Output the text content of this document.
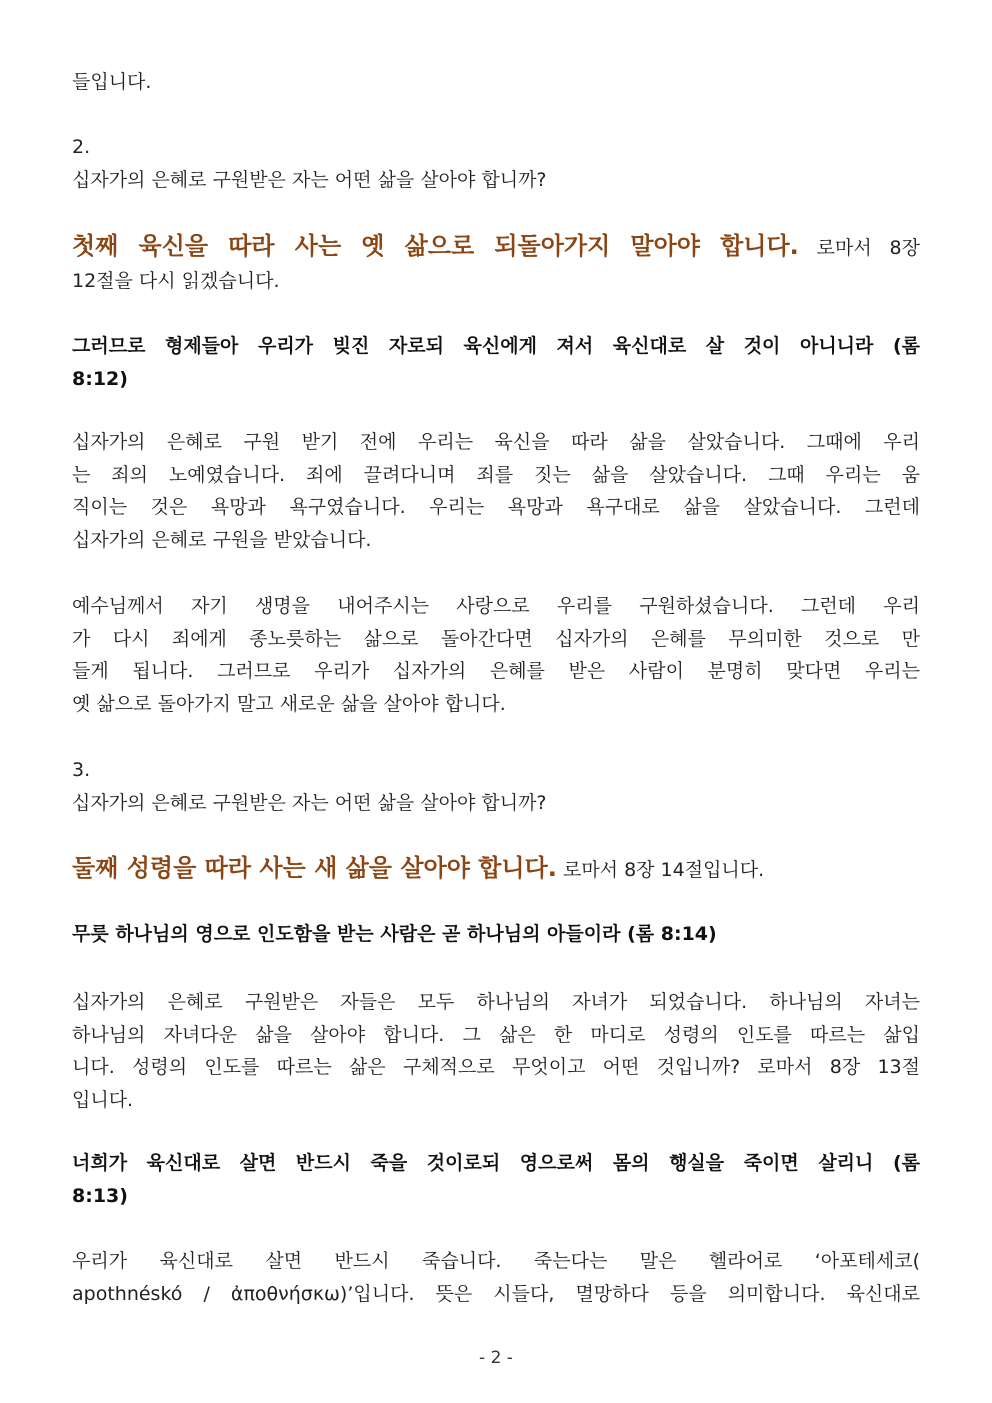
들입니다.

2.
십자가의 은혜로 구원받은 자는 어떤 삶을 살아야 합니까?

첫째 육신을 따라 사는 옛 삶으로 되돌아가지 말아야 합니다. 로마서 8장
12절을 다시 읽겠습니다.

그러므로 형제들아 우리가 빚진 자로되 육신에게 져서 육신대로 살 것이 아니니라 (롬
8:12)

십자가의 은혜로 구원 받기 전에 우리는 육신을 따라 삶을 살았습니다. 그때에 우리
는 죄의 노예였습니다. 죄에 끌려다니며 죄를 짓는 삶을 살았습니다. 그때 우리는 움
직이는 것은 욕망과 욕구였습니다. 우리는 욕망과 욕구대로 삶을 살았습니다. 그런데
십자가의 은혜로 구원을 받았습니다.

예수님께서 자기 생명을 내어주시는 사랑으로 우리를 구원하셨습니다. 그런데 우리
가 다시 죄에게 종노릇하는 삶으로 돌아간다면 십자가의 은혜를 무의미한 것으로 만
들게 됩니다. 그러므로 우리가 십자가의 은혜를 받은 사람이 분명히 맞다면 우리는
옛 삶으로 돌아가지 말고 새로운 삶을 살아야 합니다.

3.
십자가의 은혜로 구원받은 자는 어떤 삶을 살아야 합니까?

둘째 성령을 따라 사는 새 삶을 살아야 합니다. 로마서 8장 14절입니다.

무릇 하나님의 영으로 인도함을 받는 사람은 곧 하나님의 아들이라 (롬 8:14)

십자가의 은혜로 구원받은 자들은 모두 하나님의 자녀가 되었습니다. 하나님의 자녀는
하나님의 자녀다운 삶을 살아야 합니다. 그 삶은 한 마디로 성령의 인도를 따르는 삶입
니다. 성령의 인도를 따르는 삶은 구체적으로 무엇이고 어떤 것입니까? 로마서 8장 13절
입니다.

너희가 육신대로 살면 반드시 죽을 것이로되 영으로써 몸의 행실을 죽이면 살리니 (롬
8:13)

우리가 육신대로 살면 반드시 죽습니다. 죽는다는 말은 헬라어로 ‘아포테세코(
apothnéskó / ἀποθνήσκω)’입니다. 뜻은 시들다, 멸망하다 등을 의미합니다. 육신대로

- 2 -
